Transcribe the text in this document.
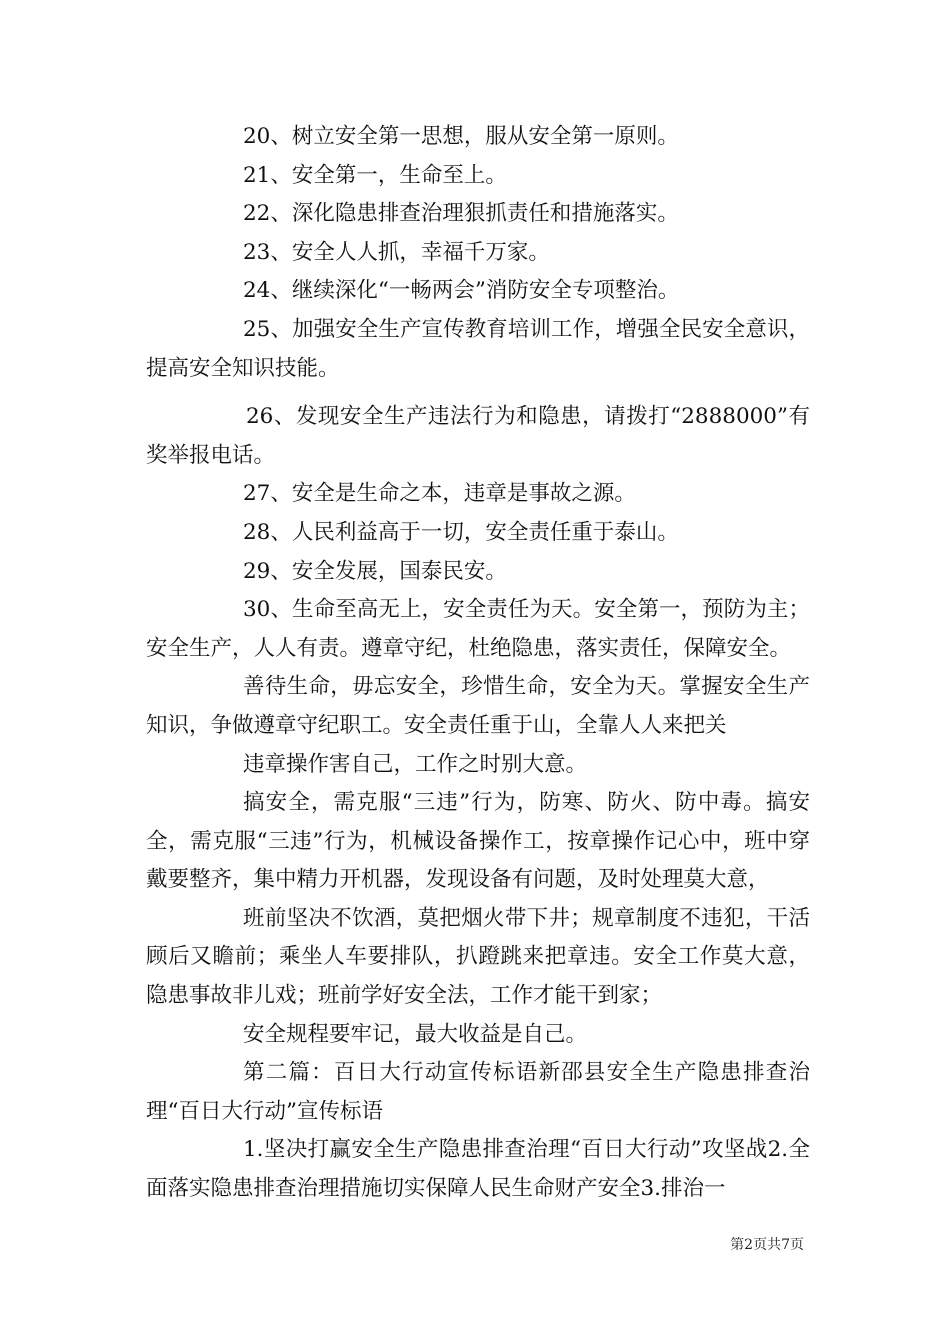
20、树立安全第一思想，服从安全第一原则。

21、安全第一，生命至上。

22、深化隐患排查治理狠抓责任和措施落实。

23、安全人人抓，幸福千万家。

24、继续深化“一畅两会”消防安全专项整治。

25、加强安全生产宣传教育培训工作，增强全民安全意识，提高安全知识技能。

26、发现安全生产违法行为和隐患，请拨打“2888000”有奖举报电话。

27、安全是生命之本，违章是事故之源。

28、人民利益高于一切，安全责任重于泰山。

29、安全发展，国泰民安。

30、生命至高无上，安全责任为天。安全第一，预防为主；安全生产，人人有责。遵章守纪，杜绝隐患，落实责任，保障安全。

善待生命，毋忘安全，珍惜生命，安全为天。掌握安全生产知识，争做遵章守纪职工。安全责任重于山，全靠人人来把关

违章操作害自己，工作之时别大意。

搞安全，需克服“三违”行为，防寒、防火、防中毒。搞安全，需克服“三违”行为，机械设备操作工，按章操作记心中，班中穿戴要整齐，集中精力开机器，发现设备有问题，及时处理莫大意，

班前坚决不饮酒，莫把烟火带下井；规章制度不违犯，干活顾后又瞻前；乘坐人车要排队，扒蹬跳来把章违。安全工作莫大意，隐患事故非儿戏；班前学好安全法，工作才能干到家；

安全规程要牢记，最大收益是自己。

第二篇：百日大行动宣传标语新邵县安全生产隐患排查治理“百日大行动”宣传标语

1.坚决打赢安全生产隐患排查治理“百日大行动”攻坚战2.全面落实隐患排查治理措施切实保障人民生命财产安全3.排治一

第2页共7页
